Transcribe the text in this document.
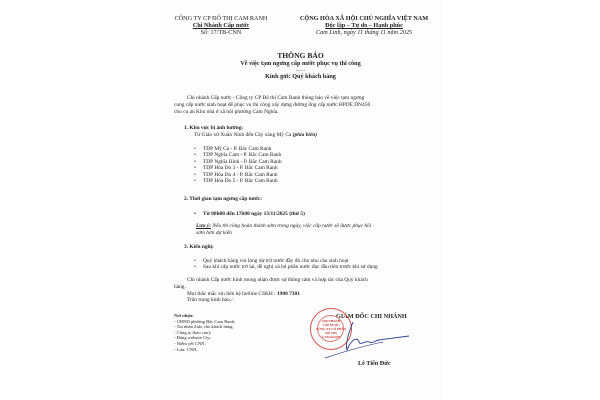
CÔNG TY CP ĐÔ THỊ CAM RANH
Chi Nhánh Cấp nước
Số: 17/TB-CNN
CỘNG HÒA XÃ HỘI CHỦ NGHĨA VIỆT NAM
Độc lập – Tự do – Hạnh phúc
Cam Linh, ngày 11 tháng 11 năm 2025
THÔNG BÁO
Về việc tạm ngưng cấp nước phục vụ thi công
-------
Kính gửi: Quý khách hàng
Chi nhánh Cấp nước - Công ty CP Đô thị Cam Ranh thông báo về việc tạm ngưng
cung cấp nước sinh hoạt để phục vụ thi công xây dựng đường ống cấp nước HPDE DN450
cho cụ án Khu nhà ở xã hội phường Cam Nghĩa.
1. Khu vực bị ảnh hưởng:
Từ Giáo xứ Xuân Ninh đến Cây xăng Mỹ Ca (phía biển)
• TDP Mỹ Ca - P. Bắc Cam Ranh
• TDP Nghĩa Cam - P. Bắc Cam Ranh
• TDP Nghĩa Bình - P. Bắc Cam Ranh
• TDP Hòa Do 3 - P. Bắc Cam Ranh
• TDP Hòa Do 4 - P. Bắc Cam Ranh
• TDP Hòa Do 5 - P. Bắc Cam Ranh
2. Thời gian tạm ngưng cấp nước:
• Từ 08h00 đến 17h00 ngày 13/11/2025 (thứ 5)
Lưu ý: Nếu thi công hoàn thành sớm trong ngày, việc cấp nước sẽ được phục hồi
sớm hơn dự kiến
3. Kiến nghị:
• Quý khách hàng vui lòng dự trữ nước đầy đủ cho nhu cầu sinh hoạt
• Sau khi cấp nước trở lại, đề nghị xả bỏ phần nước đục đầu tiên trước khi sử dụng
Chi nhánh Cấp nước kính mong nhận được sự thông cảm và hợp tác của Quý khách
hàng.
Mọi thắc mắc xin liên hệ hotline CSKH : 1900 7301
Trân trọng kính báo./.
Nơi nhận:
- UBND phường Bắc Cam Ranh;
- Tin nhắn Zalo cho khách hàng;
- Công ty (báo cáo);
- Đăng website Cty;
- Niêm yết CNN;
- Lưu: CNN.
GIÁM ĐỐC CHI NHÁNH
CHI NHÁNH
CẤP NƯỚC
CÔNG TY CỔ PHẦN
ĐÔ THỊ
CAM RANH
Lê Tiến Đức
